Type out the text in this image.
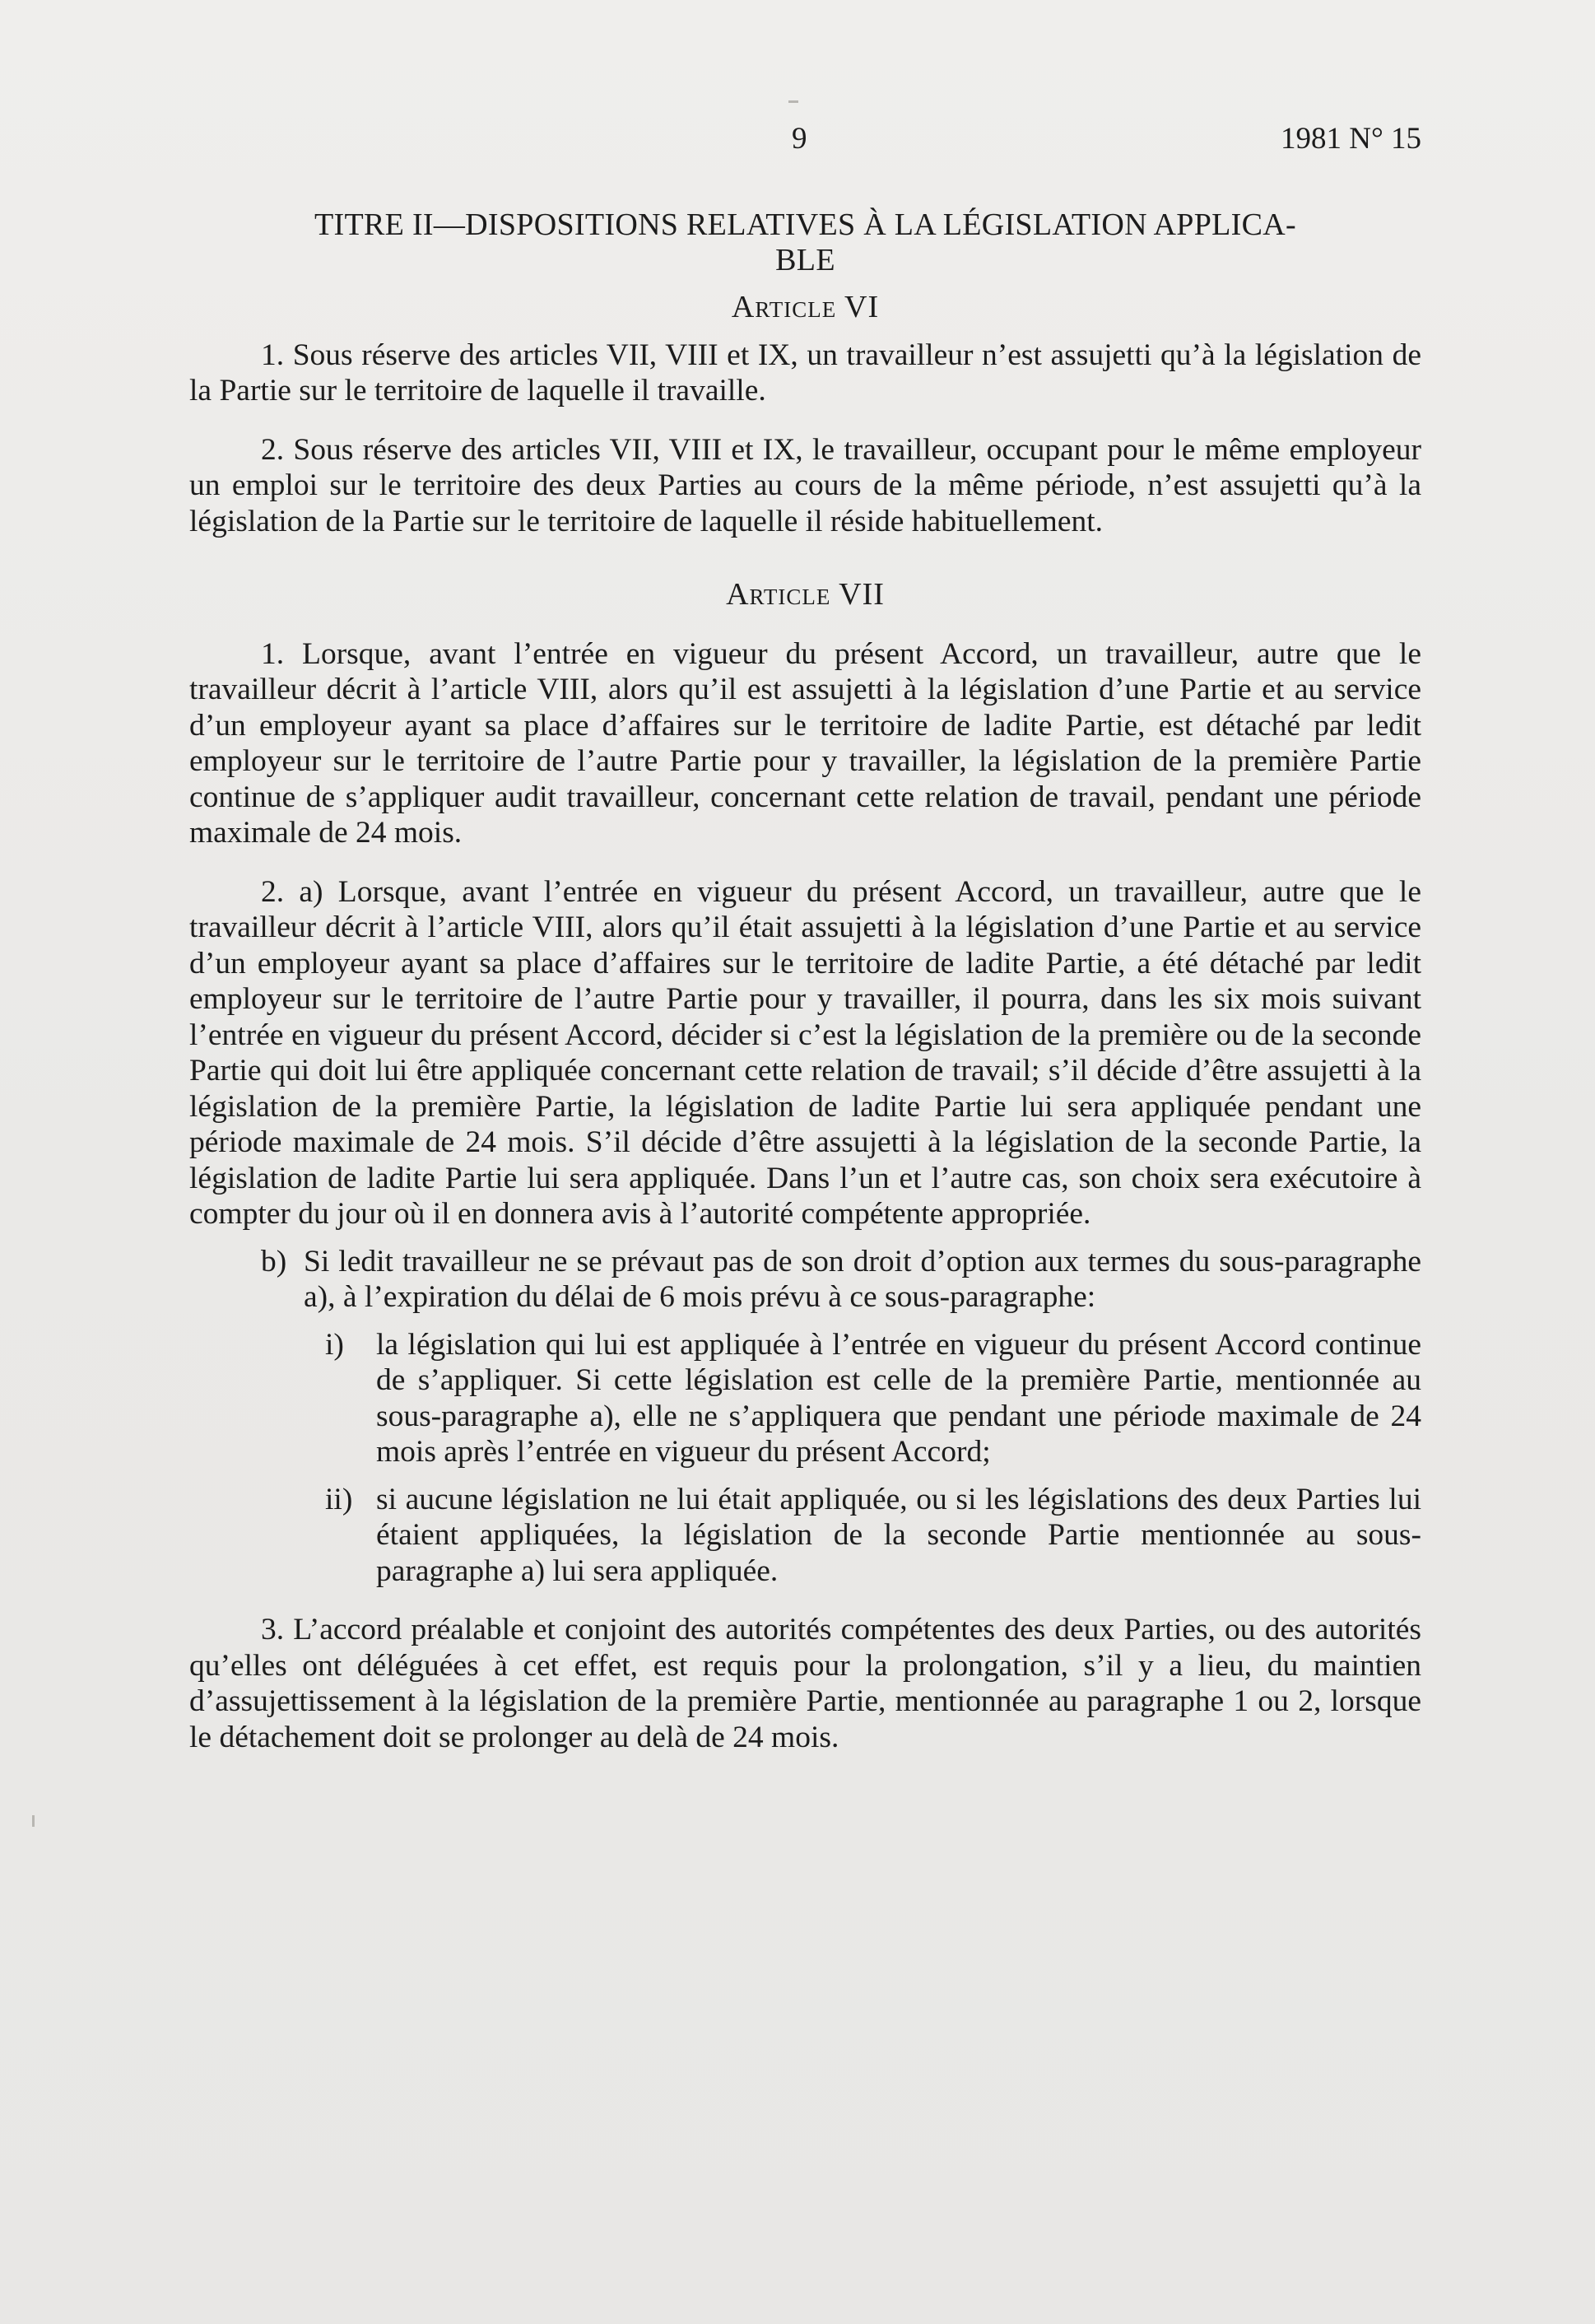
9	1981 N° 15
TITRE II—DISPOSITIONS RELATIVES À LA LÉGISLATION APPLICA-
BLE
Article VI

1. Sous réserve des articles VII, VIII et IX, un travailleur n’est assujetti qu’à la législation de la Partie sur le territoire de laquelle il travaille.

2. Sous réserve des articles VII, VIII et IX, le travailleur, occupant pour le même employeur un emploi sur le territoire des deux Parties au cours de la même période, n’est assujetti qu’à la législation de la Partie sur le territoire de laquelle il réside habituellement.

Article VII

1. Lorsque, avant l’entrée en vigueur du présent Accord, un travailleur, autre que le travailleur décrit à l’article VIII, alors qu’il est assujetti à la législation d’une Partie et au service d’un employeur ayant sa place d’affaires sur le territoire de ladite Partie, est détaché par ledit employeur sur le territoire de l’autre Partie pour y travailler, la législation de la première Partie continue de s’appliquer audit travailleur, concernant cette relation de travail, pendant une période maximale de 24 mois.

2. a) Lorsque, avant l’entrée en vigueur du présent Accord, un travailleur, autre que le travailleur décrit à l’article VIII, alors qu’il était assujetti à la législation d’une Partie et au service d’un employeur ayant sa place d’affaires sur le territoire de ladite Partie, a été détaché par ledit employeur sur le territoire de l’autre Partie pour y travailler, il pourra, dans les six mois suivant l’entrée en vigueur du présent Accord, décider si c’est la législation de la première ou de la seconde Partie qui doit lui être appliquée concernant cette relation de travail; s’il décide d’être assujetti à la législation de la première Partie, la législation de ladite Partie lui sera appliquée pendant une période maximale de 24 mois. S’il décide d’être assujetti à la législation de la seconde Partie, la législation de ladite Partie lui sera appliquée. Dans l’un et l’autre cas, son choix sera exécutoire à compter du jour où il en donnera avis à l’autorité compétente appropriée.

b) Si ledit travailleur ne se prévaut pas de son droit d’option aux termes du sous-paragraphe a), à l’expiration du délai de 6 mois prévu à ce sous-paragraphe:
i)	la législation qui lui est appliquée à l’entrée en vigueur du présent Accord continue de s’appliquer. Si cette législation est celle de la première Partie, mentionnée au sous-paragraphe a), elle ne s’appliquera que pendant une période maximale de 24 mois après l’entrée en vigueur du présent Accord;
ii) si aucune législation ne lui était appliquée, ou si les législations des deux Parties lui étaient appliquées, la législation de la seconde Partie mentionnée au sous-paragraphe a) lui sera appliquée.

3. L’accord préalable et conjoint des autorités compétentes des deux Parties, ou des autorités qu’elles ont déléguées à cet effet, est requis pour la prolongation, s’il y a lieu, du maintien d’assujettissement à la législation de la première Partie, mentionnée au paragraphe 1 ou 2, lorsque le détachement doit se prolonger au delà de 24 mois.
